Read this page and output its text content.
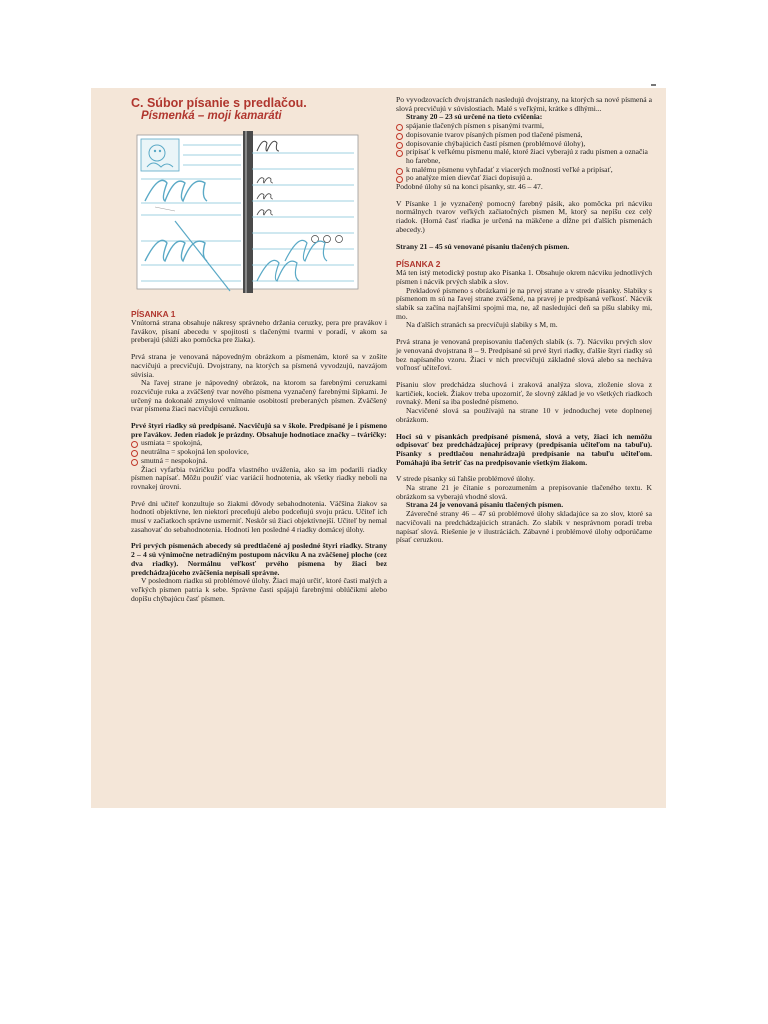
C. Súbor písanie s predlačou.
Písmenká – moji kamaráti
PÍSANKA 1

Vnútorná strana obsahuje nákresy správneho držania ceruzky, pera pre pravákov i ľavákov, písaní abecedu v spojitosti s tlačenými tvarmi v poradí, v akom sa preberajú (slúži ako pomôcka pre žiaka).

Prvá strana je venovaná nápovedným obrázkom a písmenám, ktoré sa v zošite nacvičujú a precvičujú. Dvojstrany, na ktorých sa písmená vyvodzujú, navzájom súvisia.

Na ľavej strane je nápovedný obrázok, na ktorom sa farebnými ceruzkami rozcvičuje ruka a zväčšený tvar nového písmena vyznačený farebnými šípkami. Je určený na dokonalé zmyslové vnímanie osobitostí preberaných písmen. Zväčšený tvar písmena žiaci nacvičujú ceruzkou.

Prvé štyri riadky sú predpísané. Nacvičujú sa v škole. Predpísané je i písmeno pre ľavákov. Jeden riadok je prázdny. Obsahuje hodnotiace značky – tváričky:

usmiata = spokojná,
neutrálna = spokojná len spolovice,
smutná = nespokojná.

Žiaci vyfarbia tváričku podľa vlastného uváženia, ako sa im podarili riadky písmen napísať. Môžu použiť viac variácií hodnotenia, ak všetky riadky neboli na rovnakej úrovni.

Prvé dni učiteľ konzultuje so žiakmi dôvody sebahodnotenia. Väčšina žiakov sa hodnotí objektívne, len niektorí preceňujú alebo podceňujú svoju prácu. Učiteľ ich musí v začiatkoch správne usmerniť. Neskôr sú žiaci objektívnejší. Učiteľ by nemal zasahovať do sebahodnotenia. Hodnotí len posledné 4 riadky domácej úlohy.

Pri prvých písmenách abecedy sú predtlačené aj posledné štyri riadky. Strany 2 – 4 sú výnimočne netradičným postupom nácviku A na zväčšenej ploche (cez dva riadky). Normálnu veľkosť prvého písmena by žiaci bez predchádzajúceho zväčšenia nepísali správne.

V poslednom riadku sú problémové úlohy. Žiaci majú určiť, ktoré časti malých a veľkých písmen patria k sebe. Správne časti spájajú farebnými oblúčikmi alebo dopíšu chýbajúcu časť písmen.

Po vyvodzovacích dvojstranách nasledujú dvojstrany, na ktorých sa nové písmená a slová precvičujú v súvislostiach. Malé s veľkými, krátke s dlhými...

Strany 20 – 23 sú určené na tieto cvičenia:

spájanie tlačených písmen s písanými tvarmi,
dopisovanie tvarov písaných písmen pod tlačené písmená,
dopisovanie chýbajúcich častí písmen (problémové úlohy),
pripísať k veľkému písmenu malé, ktoré žiaci vyberajú z radu písmen a označia ho farebne,
k malému písmenu vyhľadať z viacerých možností veľké a pripísať,
po analýze mien dievčať žiaci dopisujú a.

Podobné úlohy sú na konci písanky, str. 46 – 47.

V Písanke 1 je vyznačený pomocný farebný pásik, ako pomôcka pri nácviku normálnych tvarov veľkých začiatočných písmen M, ktorý sa nepíšu cez celý riadok. (Horná časť riadka je určená na mäkčene a dĺžne pri ďalších písmenách abecedy.)

Strany 21 – 45 sú venované písaniu tlačených písmen.

PÍSANKA 2

Má ten istý metodický postup ako Písanka 1. Obsahuje okrem nácviku jednotlivých písmen i nácvik prvých slabík a slov.

Prekladové písmeno s obrázkami je na prvej strane a v strede písanky. Slabiky s písmenom m sú na ľavej strane zväčšené, na pravej je predpísaná veľkosť. Nácvik slabík sa začína najľahšími spojmi ma, ne, až nasledujúci deň sa píšu slabiky mi, mo.

Na ďalších stranách sa precvičujú slabiky s M, m.

Prvá strana je venovaná prepisovaniu tlačených slabík (s. 7). Nácviku prvých slov je venovaná dvojstrana 8 – 9. Predpísané sú prvé štyri riadky, ďalšie štyri riadky sú bez napísaného vzoru. Žiaci v nich precvičujú základné slová alebo sa necháva voľnosť učiteľovi.

Písaniu slov predchádza sluchová i zraková analýza slova, zloženie slova z kartičiek, kociek. Žiakov treba upozorniť, že slovný základ je vo všetkých riadkoch rovnaký. Mení sa iba posledné písmeno.

Nacvičené slová sa používajú na strane 10 v jednoduchej vete doplnenej obrázkom.

Hoci sú v písankách predpísané písmená, slová a vety, žiaci ich nemôžu odpisovať bez predchádzajúcej prípravy (predpísania učiteľom na tabuľu). Písanky s predtlačou nenahrádzajú predpísanie na tabuľu učiteľom. Pomáhajú iba šetriť čas na predpisovanie všetkým žiakom.

V strede písanky sú ľahšie problémové úlohy.

Na strane 21 je čítanie s porozumením a prepisovanie tlačeného textu. K obrázkom sa vyberajú vhodné slová.

Strana 24 je venovaná písaniu tlačených písmen.

Záverečné strany 46 – 47 sú problémové úlohy skladajúce sa zo slov, ktoré sa nacvičovali na predchádzajúcich stranách. Zo slabík v nesprávnom poradí treba napísať slová. Riešenie je v ilustráciách. Zábavné i problémové úlohy odporúčame písať ceruzkou.
